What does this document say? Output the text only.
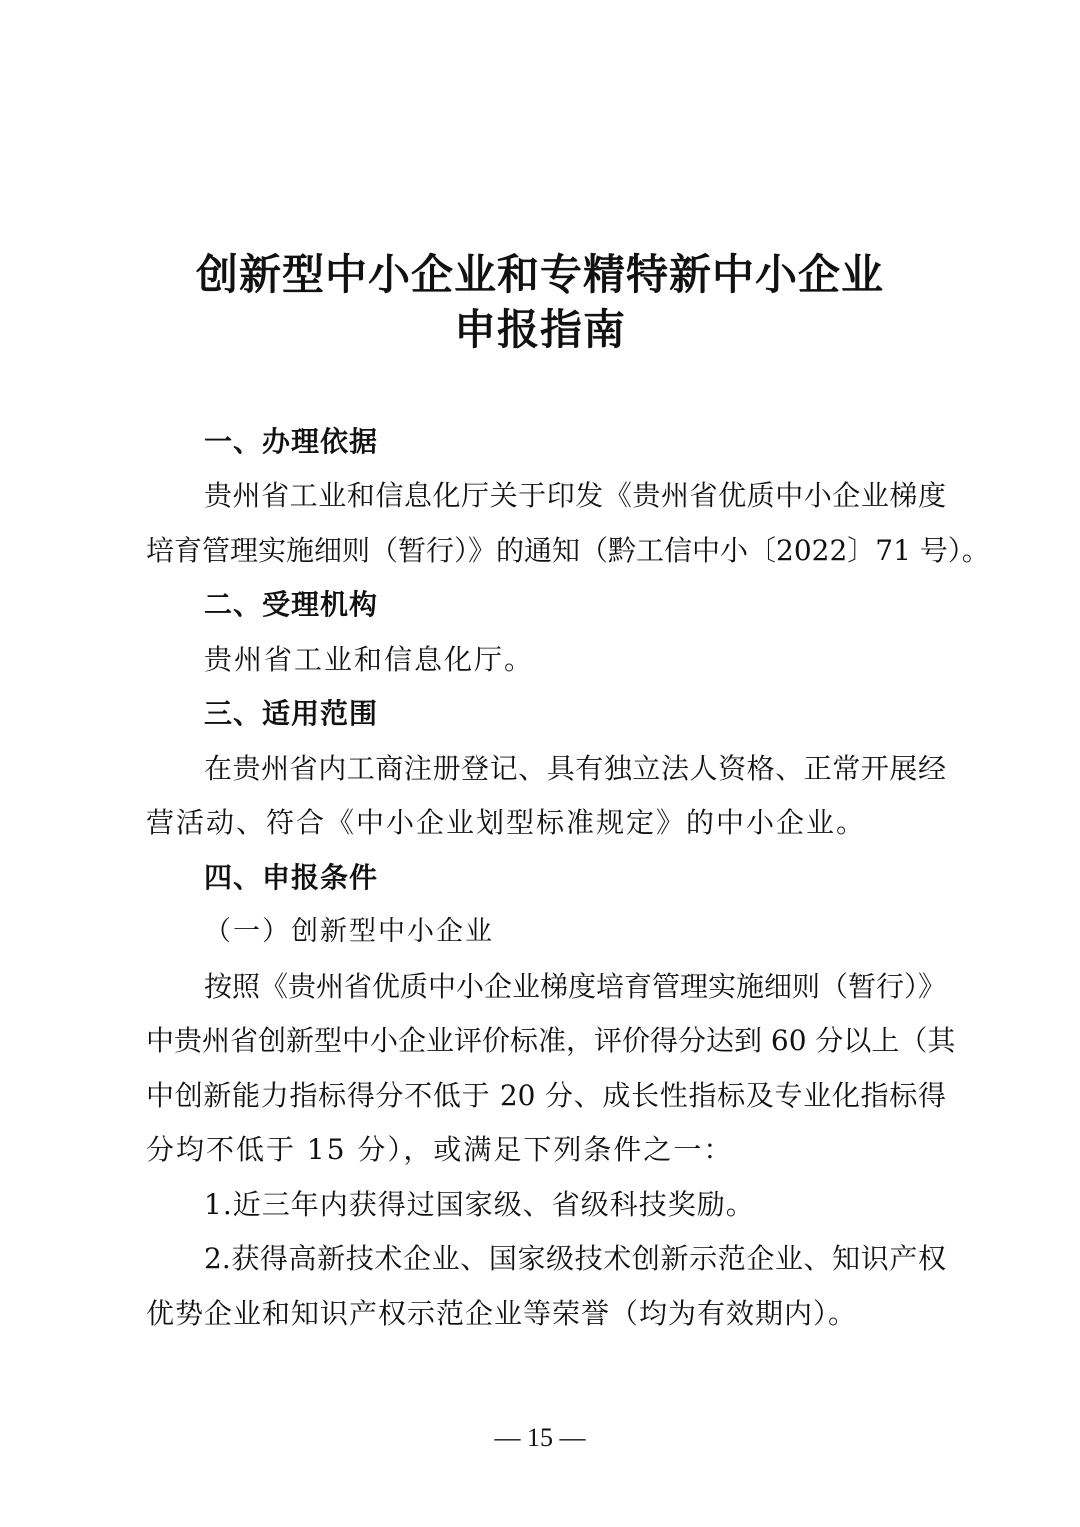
创新型中小企业和专精特新中小企业
申报指南
一、办理依据
贵州省工业和信息化厅关于印发《贵州省优质中小企业梯度
培育管理实施细则（暂行）》的通知（黔工信中小〔2022〕71 号）。
二、受理机构
贵州省工业和信息化厅。
三、适用范围
在贵州省内工商注册登记、具有独立法人资格、正常开展经
营活动、符合《中小企业划型标准规定》的中小企业。
四、申报条件
（一）创新型中小企业
按照《贵州省优质中小企业梯度培育管理实施细则（暂行）》
中贵州省创新型中小企业评价标准，评价得分达到 60 分以上（其
中创新能力指标得分不低于 20 分、成长性指标及专业化指标得
分均不低于 15 分），或满足下列条件之一：
1.近三年内获得过国家级、省级科技奖励。
2.获得高新技术企业、国家级技术创新示范企业、知识产权
优势企业和知识产权示范企业等荣誉（均为有效期内）。
— 15 —
